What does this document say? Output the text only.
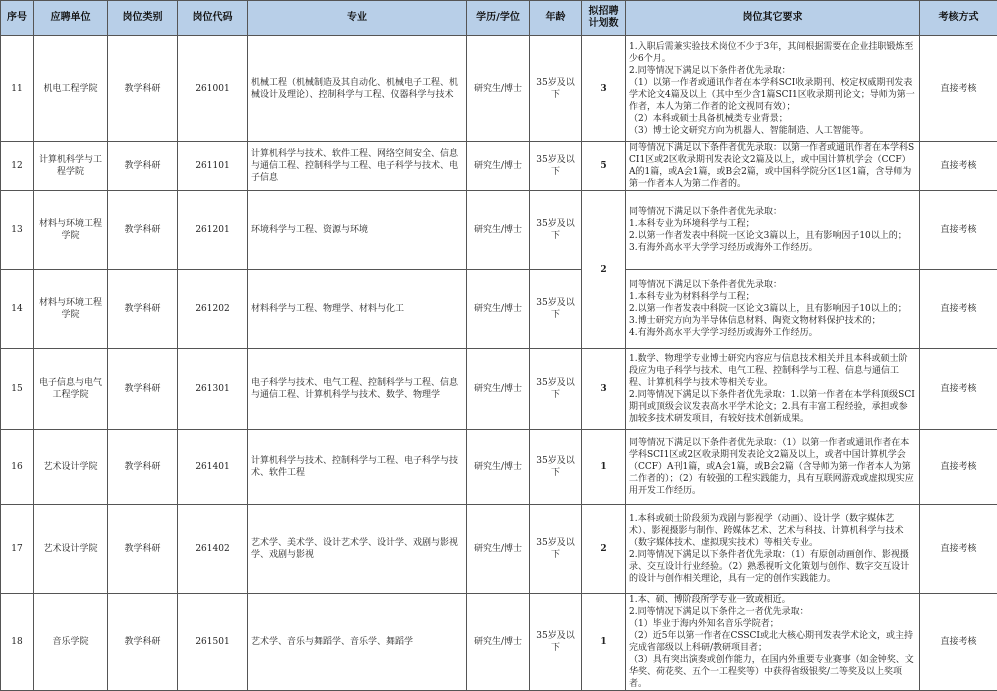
序号	应聘单位	岗位类别	岗位代码	专业	学历/学位	年龄	拟招聘计划数	岗位其它要求	考核方式
11	机电工程学院	教学科研	261001	机械工程（机械制造及其自动化、机械电子工程、机械设计及理论）、控制科学与工程、仪器科学与技术	研究生/博士	35岁及以下	3	1.入职后需兼实验技术岗位不少于3年，其间根据需要在企业挂职锻炼至少6个月。
2.同等情况下满足以下条件者优先录取：
（1）以第一作者或通讯作者在本学科SCI收录期刊、校定权威期刊发表学术论文4篇及以上（其中至少含1篇SCI1区收录期刊论文；导师为第一作者，本人为第二作者的论文视同有效）；
（2）本科或硕士具备机械类专业背景；
（3）博士论文研究方向为机器人、智能制造、人工智能等。	直接考核
12	计算机科学与工程学院	教学科研	261101	计算机科学与技术、软件工程、网络空间安全、信息与通信工程、控制科学与工程、电子科学与技术、电子信息	研究生/博士	35岁及以下	5	同等情况下满足以下条件者优先录取：以第一作者或通讯作者在本学科SCI1区或2区收录期刊发表论文2篇及以上，或中国计算机学会（CCF）A的1篇，或A会1篇，或B会2篇，或中国科学院分区1区1篇，含导师为第一作者本人为第二作者的。	直接考核
13	材料与环境工程学院	教学科研	261201	环境科学与工程、资源与环境	研究生/博士	35岁及以下	2	同等情况下满足以下条件者优先录取：
1.本科专业为环境科学与工程；
2.以第一作者发表中科院一区论文3篇以上，且有影响因子10以上的；
3.有海外高水平大学学习经历或海外工作经历。	直接考核
14	材料与环境工程学院	教学科研	261202	材料科学与工程、物理学、材料与化工	研究生/博士	35岁及以下		同等情况下满足以下条件者优先录取：
1.本科专业为材料科学与工程；
2.以第一作者发表中科院一区论文3篇以上，且有影响因子10以上的；
3.博士研究方向为半导体信息材料、陶瓷文物材料保护技术的；
4.有海外高水平大学学习经历或海外工作经历。	直接考核
15	电子信息与电气工程学院	教学科研	261301	电子科学与技术、电气工程、控制科学与工程、信息与通信工程、计算机科学与技术、数学、物理学	研究生/博士	35岁及以下	3	1.数学、物理学专业博士研究内容应与信息技术相关并且本科或硕士阶段应为电子科学与技术、电气工程、控制科学与工程、信息与通信工程、计算机科学与技术等相关专业。
2.同等情况下满足以下条件者优先录取：1.以第一作者在本学科顶级SCI期刊或顶级会议发表高水平学术论文；2.具有丰富工程经验，承担或参加较多技术研发项目，有较好技术创新成果。	直接考核
16	艺术设计学院	教学科研	261401	计算机科学与技术、控制科学与工程、电子科学与技术、软件工程	研究生/博士	35岁及以下	1	同等情况下满足以下条件者优先录取：（1）以第一作者或通讯作者在本学科SCI1区或2区收录期刊发表论文2篇及以上，或者中国计算机学会（CCF）A刊1篇，或A会1篇，或B会2篇（含导师为第一作者本人为第二作者的）；（2）有较强的工程实践能力，具有互联网游戏或虚拟现实应用开发工作经历。	直接考核
17	艺术设计学院	教学科研	261402	艺术学、美术学、设计艺术学、设计学、戏剧与影视学、戏剧与影视	研究生/博士	35岁及以下	2	1.本科或硕士阶段须为戏剧与影视学（动画）、设计学（数字媒体艺术）、影视摄影与制作、跨媒体艺术、艺术与科技、计算机科学与技术（数字媒体技术、虚拟现实技术）等相关专业。
2.同等情况下满足以下条件者优先录取：（1）有原创动画创作、影视摄录、交互设计行业经验。（2）熟悉视听文化策划与创作、数字交互设计的设计与创作相关理论，具有一定的创作实践能力。	直接考核
18	音乐学院	教学科研	261501	艺术学、音乐与舞蹈学、音乐学、舞蹈学	研究生/博士	35岁及以下	1	1.本、硕、博阶段所学专业一致或相近。
2.同等情况下满足以下条件之一者优先录取：
（1）毕业于海内外知名音乐学院者；
（2）近5年以第一作者在CSSCI或北大核心期刊发表学术论文，或主持完成省部级以上科研/教研项目者；
（3）具有突出演奏或创作能力，在国内外重要专业赛事（如金钟奖、文华奖、荷花奖、五个一工程奖等）中获得省级银奖/二等奖及以上奖项者。	直接考核
